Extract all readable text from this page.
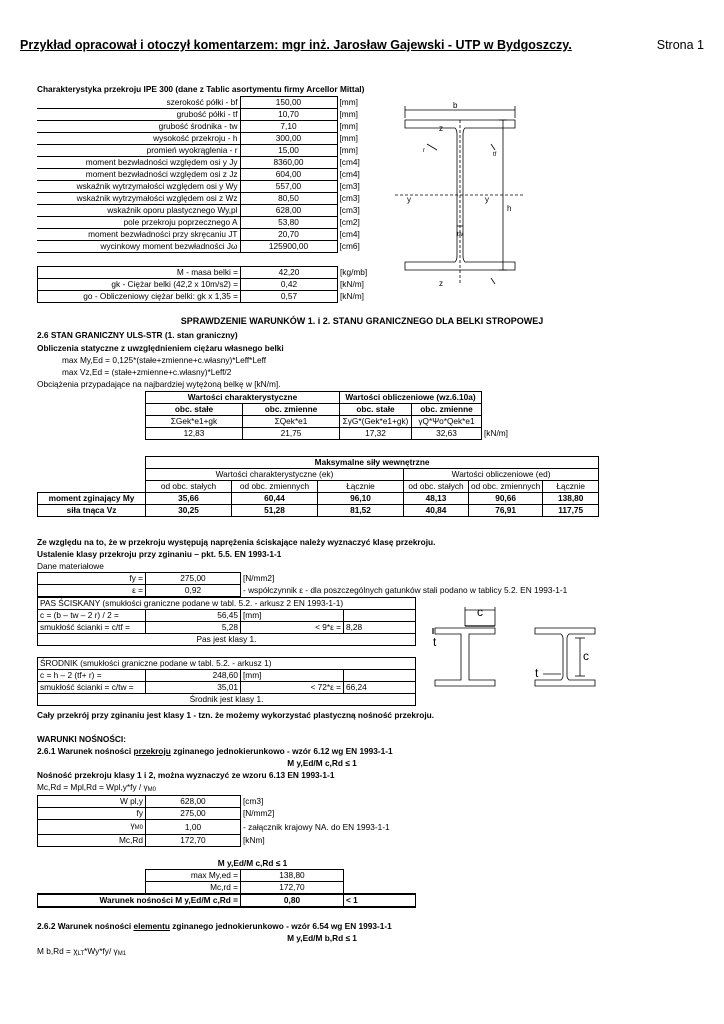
Przykład opracował i otoczył komentarzem: mgr inż. Jarosław Gajewski - UTP w Bydgoszczy.	Strona 1
Charakterystyka przekroju IPE 300 (dane z Tablic asortymentu firmy Arcellor Mittal)
szerokość półki - bf	150,00	[mm]
grubość półki - tf	10,70	[mm]
grubość środnika - tw	7,10	[mm]
wysokość przekroju - h	300,00	[mm]
promień wyokrąglenia - r	15,00	[mm]
moment bezwładności względem osi y Jy	8360,00	[cm4]
moment bezwładności względem osi z Jz	604,00	[cm4]
wskaźnik wytrzymałości względem osi y Wy	557,00	[cm3]
wskaźnik wytrzymałości względem osi z Wz	80,50	[cm3]
wskaźnik oporu plastycznego Wy,pl	628,00	[cm3]
pole przekroju poprzecznego A	53,80	[cm2]
moment bezwładności przy skręcaniu JT	20,70	[cm4]
wycinkowy moment bezwładności Jω	125900,00	[cm6]
M - masa belki =	42,20	[kg/mb]
gk - Ciężar belki (42,2 x 10m/s2) =	0,42	[kN/m]
go - Obliczeniowy ciężar belki: gk x 1,35 =	0,57	[kN/m]
b
z
z
y	y
h
tf
tw
r
SPRAWDZENIE WARUNKÓW 1. i 2. STANU GRANICZNEGO DLA BELKI STROPOWEJ
2.6 STAN GRANICZNY ULS-STR (1. stan graniczny)
Obliczenia statyczne z uwzględnieniem ciężaru własnego belki
max My,Ed = 0,125*(stałe+zmienne+c.własny)*Leff*Leff
max Vz,Ed = (stałe+zmienne+c.własny)*Leff/2
Obciążenia przypadające na najbardziej wytężoną belkę w [kN/m].
Wartości charakterystyczne		Wartości obliczeniowe (wz.6.10a)		
obc. stałe	obc. zmienne	obc. stałe	obc. zmienne	
ΣGek*e1+gk	ΣQek*e1	ΣγG*(Gek*e1+gk)	γQ*Ψo*Qek*e1	
12,83	21,75	17,32	32,63	[kN/m]
	Maksymalne siły wewnętrzne					
	Wartości charakterystyczne (ek)			Wartości obliczeniowe (ed)		
	od obc. stałych	od obc. zmiennych	Łącznie	od obc. stałych	od obc. zmiennych	Łącznie
moment zginający My	35,66	60,44	96,10	48,13	90,66	138,80
siła tnąca Vz	30,25	51,28	81,52	40,84	76,91	117,75
Ze względu na to, że w przekroju występują naprężenia ściskające należy wyznaczyć klasę przekroju.
Ustalenie klasy przekroju przy zginaniu – pkt. 5.5. EN 1993-1-1
Dane materiałowe
fy =	275,00	[N/mm2]
ε =	0,92	- współczynnik ε - dla poszczególnych gatunków stali podano w tablicy 5.2. EN 1993-1-1
PAS ŚCISKANY (smukłości graniczne podane w tabl. 5.2. - arkusz 2 EN 1993-1-1)			
c = (b – tw – 2 r) / 2 =	56,45	[mm]	
smukłość ścianki = c/tf =	5,28	< 9*ε =	8,28
Pas jest klasy 1.			
ŚRODNIK (smukłości graniczne podane w tabl. 5.2. - arkusz 1)			
c = h – 2 (tf+ r) =	248,60	[mm]	
smukłość ścianki = c/tw =	35,01	< 72*ε =	66,24
Środnik jest klasy 1.			
Cały przekrój przy zginaniu jest klasy 1 - tzn. że możemy wykorzystać plastyczną nośność przekroju.
c
t
c
t
WARUNKI NOŚNOŚCI:
2.6.1 Warunek nośności przekroju zginanego jednokierunkowo - wzór 6.12 wg EN 1993-1-1
M y,Ed/M c,Rd ≤ 1
Nośność przekroju klasy 1 i 2, można wyznaczyć ze wzoru 6.13 EN 1993-1-1
Mc,Rd = Mpl,Rd = Wpl,y*fy / γM0
W pl,y	628,00	[cm3]
fy	275,00	[N/mm2]
γM0	1,00	- załącznik krajowy NA. do EN 1993-1-1
Mc,Rd	172,70	[kNm]
M y,Ed/M c,Rd ≤ 1
	max My,ed =	138,80	
	Mc,rd =	172,70	
Warunek nośności M y,Ed/M c,Rd =		0,80	< 1
2.6.2 Warunek nośności elementu zginanego jednokierunkowo - wzór 6.54 wg EN 1993-1-1
M y,Ed/M b,Rd ≤ 1
M b,Rd = χLT*Wy*fy/ γM1
